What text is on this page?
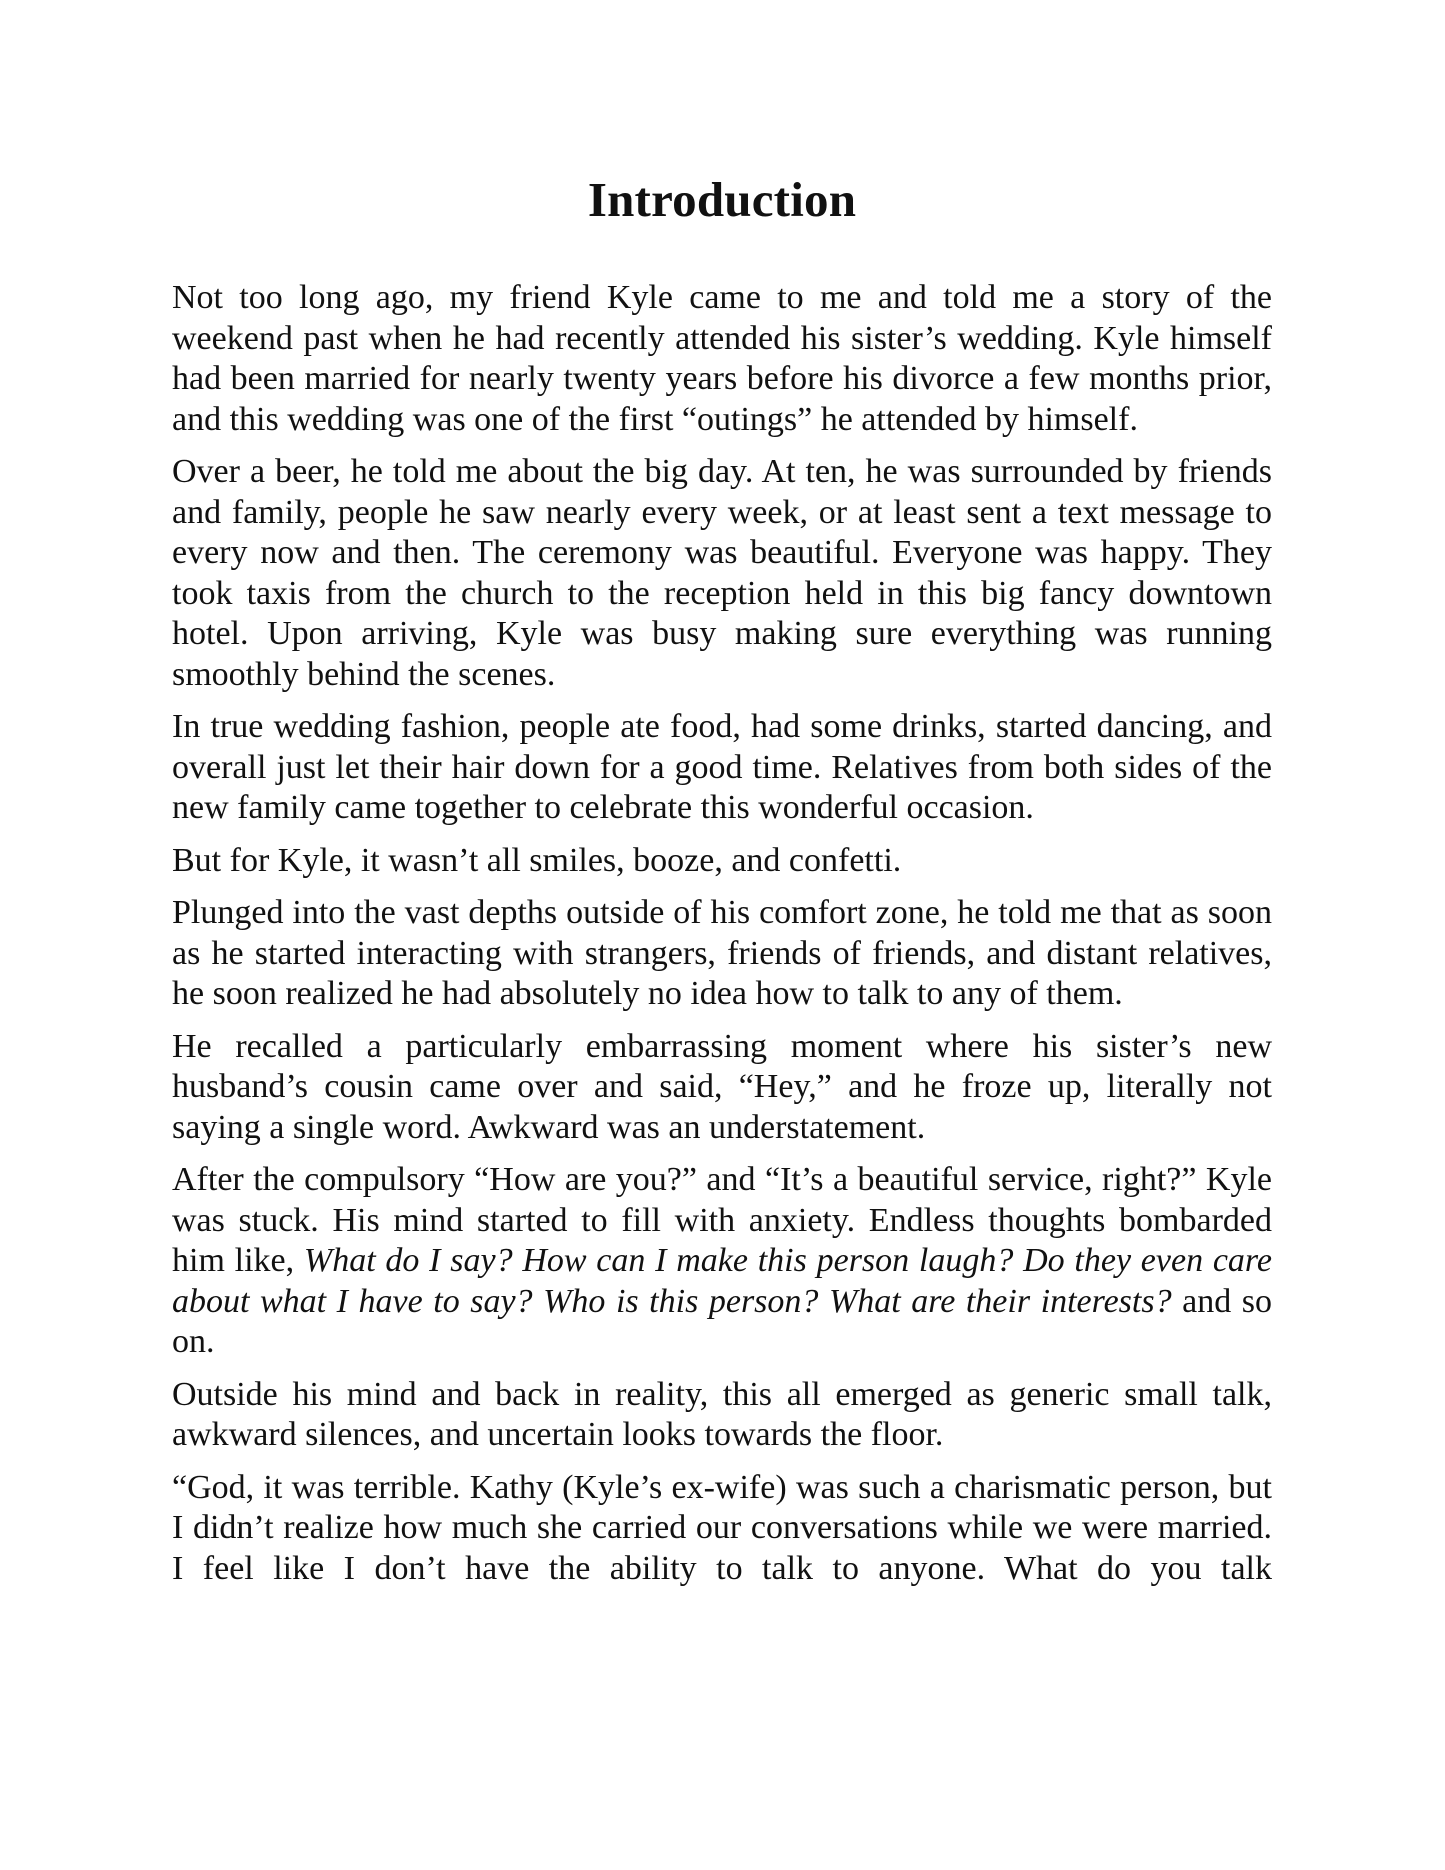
Introduction

Not too long ago, my friend Kyle came to me and told me a story of the weekend past when he had recently attended his sister’s wedding. Kyle himself had been married for nearly twenty years before his divorce a few months prior, and this wedding was one of the first “outings” he attended by himself.

Over a beer, he told me about the big day. At ten, he was surrounded by friends and family, people he saw nearly every week, or at least sent a text message to every now and then. The ceremony was beautiful. Everyone was happy. They took taxis from the church to the reception held in this big fancy downtown hotel. Upon arriving, Kyle was busy making sure everything was running smoothly behind the scenes.

In true wedding fashion, people ate food, had some drinks, started dancing, and overall just let their hair down for a good time. Relatives from both sides of the new family came together to celebrate this wonderful occasion.

But for Kyle, it wasn’t all smiles, booze, and confetti.

Plunged into the vast depths outside of his comfort zone, he told me that as soon as he started interacting with strangers, friends of friends, and distant relatives, he soon realized he had absolutely no idea how to talk to any of them.

He recalled a particularly embarrassing moment where his sister’s new husband’s cousin came over and said, “Hey,” and he froze up, literally not saying a single word. Awkward was an understatement.

After the compulsory “How are you?” and “It’s a beautiful service, right?” Kyle was stuck. His mind started to fill with anxiety. Endless thoughts bombarded him like, What do I say? How can I make this person laugh? Do they even care about what I have to say? Who is this person? What are their interests? and so on.

Outside his mind and back in reality, this all emerged as generic small talk, awkward silences, and uncertain looks towards the floor.

“God, it was terrible. Kathy (Kyle’s ex-wife) was such a charismatic person, but I didn’t realize how much she carried our conversations while we were married. I feel like I don’t have the ability to talk to anyone. What do you talk
